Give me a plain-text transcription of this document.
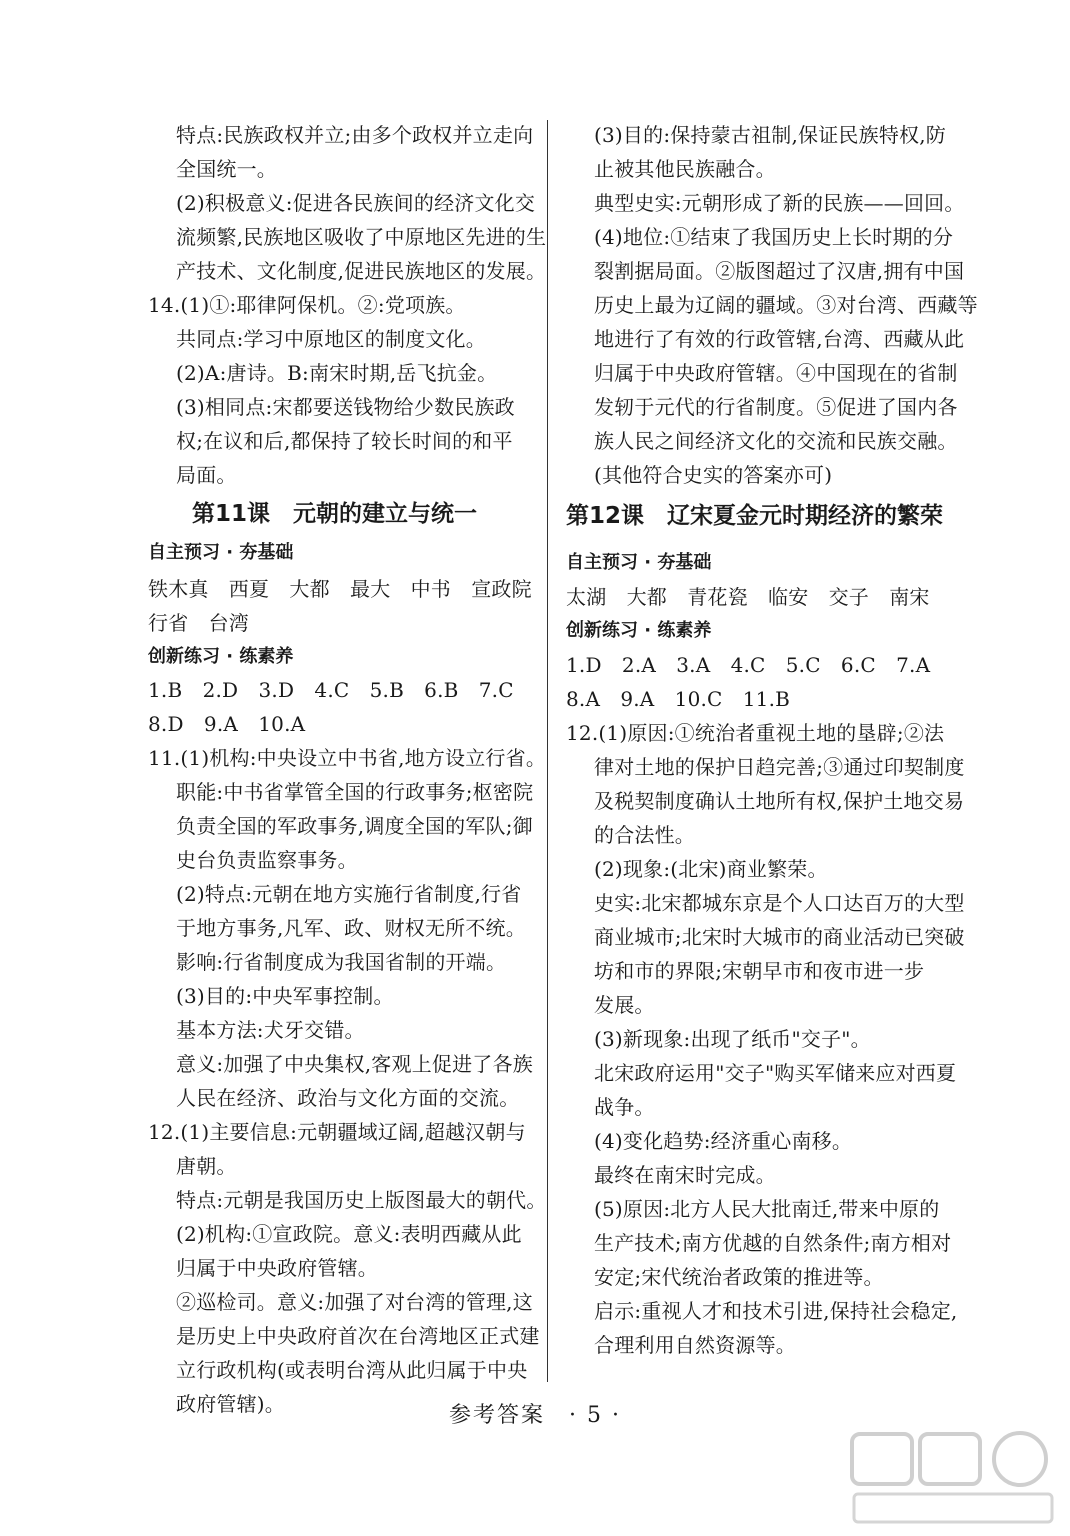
特点:民族政权并立;由多个政权并立走向
全国统一。
(2)积极意义:促进各民族间的经济文化交
流频繁,民族地区吸收了中原地区先进的生
产技术、文化制度,促进民族地区的发展。
14.(1)①:耶律阿保机。②:党项族。
共同点:学习中原地区的制度文化。
(2)A:唐诗。B:南宋时期,岳飞抗金。
(3)相同点:宋都要送钱物给少数民族政
权;在议和后,都保持了较长时间的和平
局面。
第11课　元朝的建立与统一
自主预习 · 夯基础
铁木真　西夏　大都　最大　中书　宣政院
行省　台湾
创新练习 · 练素养
1.B　2.D　3.D　4.C　5.B　6.B　7.C
8.D　9.A　10.A
11.(1)机构:中央设立中书省,地方设立行省。
职能:中书省掌管全国的行政事务;枢密院
负责全国的军政事务,调度全国的军队;御
史台负责监察事务。
(2)特点:元朝在地方实施行省制度,行省
于地方事务,凡军、政、财权无所不统。
影响:行省制度成为我国省制的开端。
(3)目的:中央军事控制。
基本方法:犬牙交错。
意义:加强了中央集权,客观上促进了各族
人民在经济、政治与文化方面的交流。
12.(1)主要信息:元朝疆域辽阔,超越汉朝与
唐朝。
特点:元朝是我国历史上版图最大的朝代。
(2)机构:①宣政院。意义:表明西藏从此
归属于中央政府管辖。
②巡检司。意义:加强了对台湾的管理,这
是历史上中央政府首次在台湾地区正式建
立行政机构(或表明台湾从此归属于中央
政府管辖)。
(3)目的:保持蒙古祖制,保证民族特权,防
止被其他民族融合。
典型史实:元朝形成了新的民族——回回。
(4)地位:①结束了我国历史上长时期的分
裂割据局面。②版图超过了汉唐,拥有中国
历史上最为辽阔的疆域。③对台湾、西藏等
地进行了有效的行政管辖,台湾、西藏从此
归属于中央政府管辖。④中国现在的省制
发轫于元代的行省制度。⑤促进了国内各
族人民之间经济文化的交流和民族交融。
(其他符合史实的答案亦可)
第12课　辽宋夏金元时期经济的繁荣
自主预习 · 夯基础
太湖　大都　青花瓷　临安　交子　南宋
创新练习 · 练素养
1.D　2.A　3.A　4.C　5.C　6.C　7.A
8.A　9.A　10.C　11.B
12.(1)原因:①统治者重视土地的垦辟;②法
律对土地的保护日趋完善;③通过印契制度
及税契制度确认土地所有权,保护土地交易
的合法性。
(2)现象:(北宋)商业繁荣。
史实:北宋都城东京是个人口达百万的大型
商业城市;北宋时大城市的商业活动已突破
坊和市的界限;宋朝早市和夜市进一步
发展。
(3)新现象:出现了纸币"交子"。
北宋政府运用"交子"购买军储来应对西夏
战争。
(4)变化趋势:经济重心南移。
最终在南宋时完成。
(5)原因:北方人民大批南迁,带来中原的
生产技术;南方优越的自然条件;南方相对
安定;宋代统治者政策的推进等。
启示:重视人才和技术引进,保持社会稳定,
合理利用自然资源等。
参考答案　· 5 ·
